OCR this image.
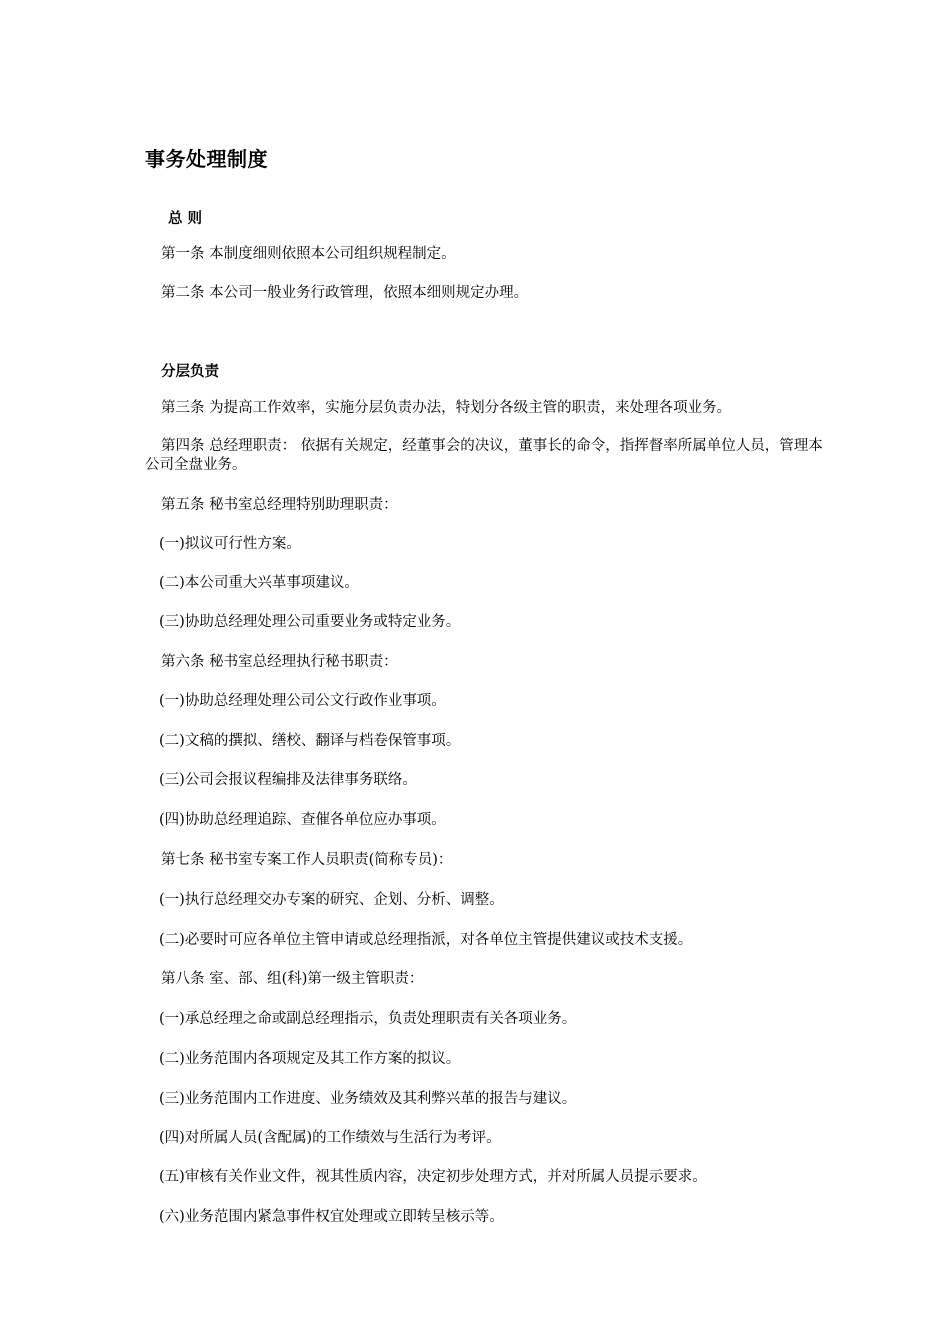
事务处理制度
总 则
第一条 本制度细则依照本公司组织规程制定。
第二条 本公司一般业务行政管理，依照本细则规定办理。
分层负责
第三条 为提高工作效率，实施分层负责办法，特划分各级主管的职责，来处理各项业务。
第四条 总经理职责： 依据有关规定，经董事会的决议，董事长的命令，指挥督率所属单位人员，管理本公司全盘业务。
第五条 秘书室总经理特别助理职责：
(一)拟议可行性方案。
(二)本公司重大兴革事项建议。
(三)协助总经理处理公司重要业务或特定业务。
第六条 秘书室总经理执行秘书职责：
(一)协助总经理处理公司公文行政作业事项。
(二)文稿的撰拟、缮校、翻译与档卷保管事项。
(三)公司会报议程编排及法律事务联络。
(四)协助总经理追踪、查催各单位应办事项。
第七条 秘书室专案工作人员职责(简称专员)：
(一)执行总经理交办专案的研究、企划、分析、调整。
(二)必要时可应各单位主管申请或总经理指派，对各单位主管提供建议或技术支援。
第八条 室、部、组(科)第一级主管职责：
(一)承总经理之命或副总经理指示，负责处理职责有关各项业务。
(二)业务范围内各项规定及其工作方案的拟议。
(三)业务范围内工作进度、业务绩效及其利弊兴革的报告与建议。
(四)对所属人员(含配属)的工作绩效与生活行为考评。
(五)审核有关作业文件，视其性质内容，决定初步处理方式，并对所属人员提示要求。
(六)业务范围内紧急事件权宜处理或立即转呈核示等。
